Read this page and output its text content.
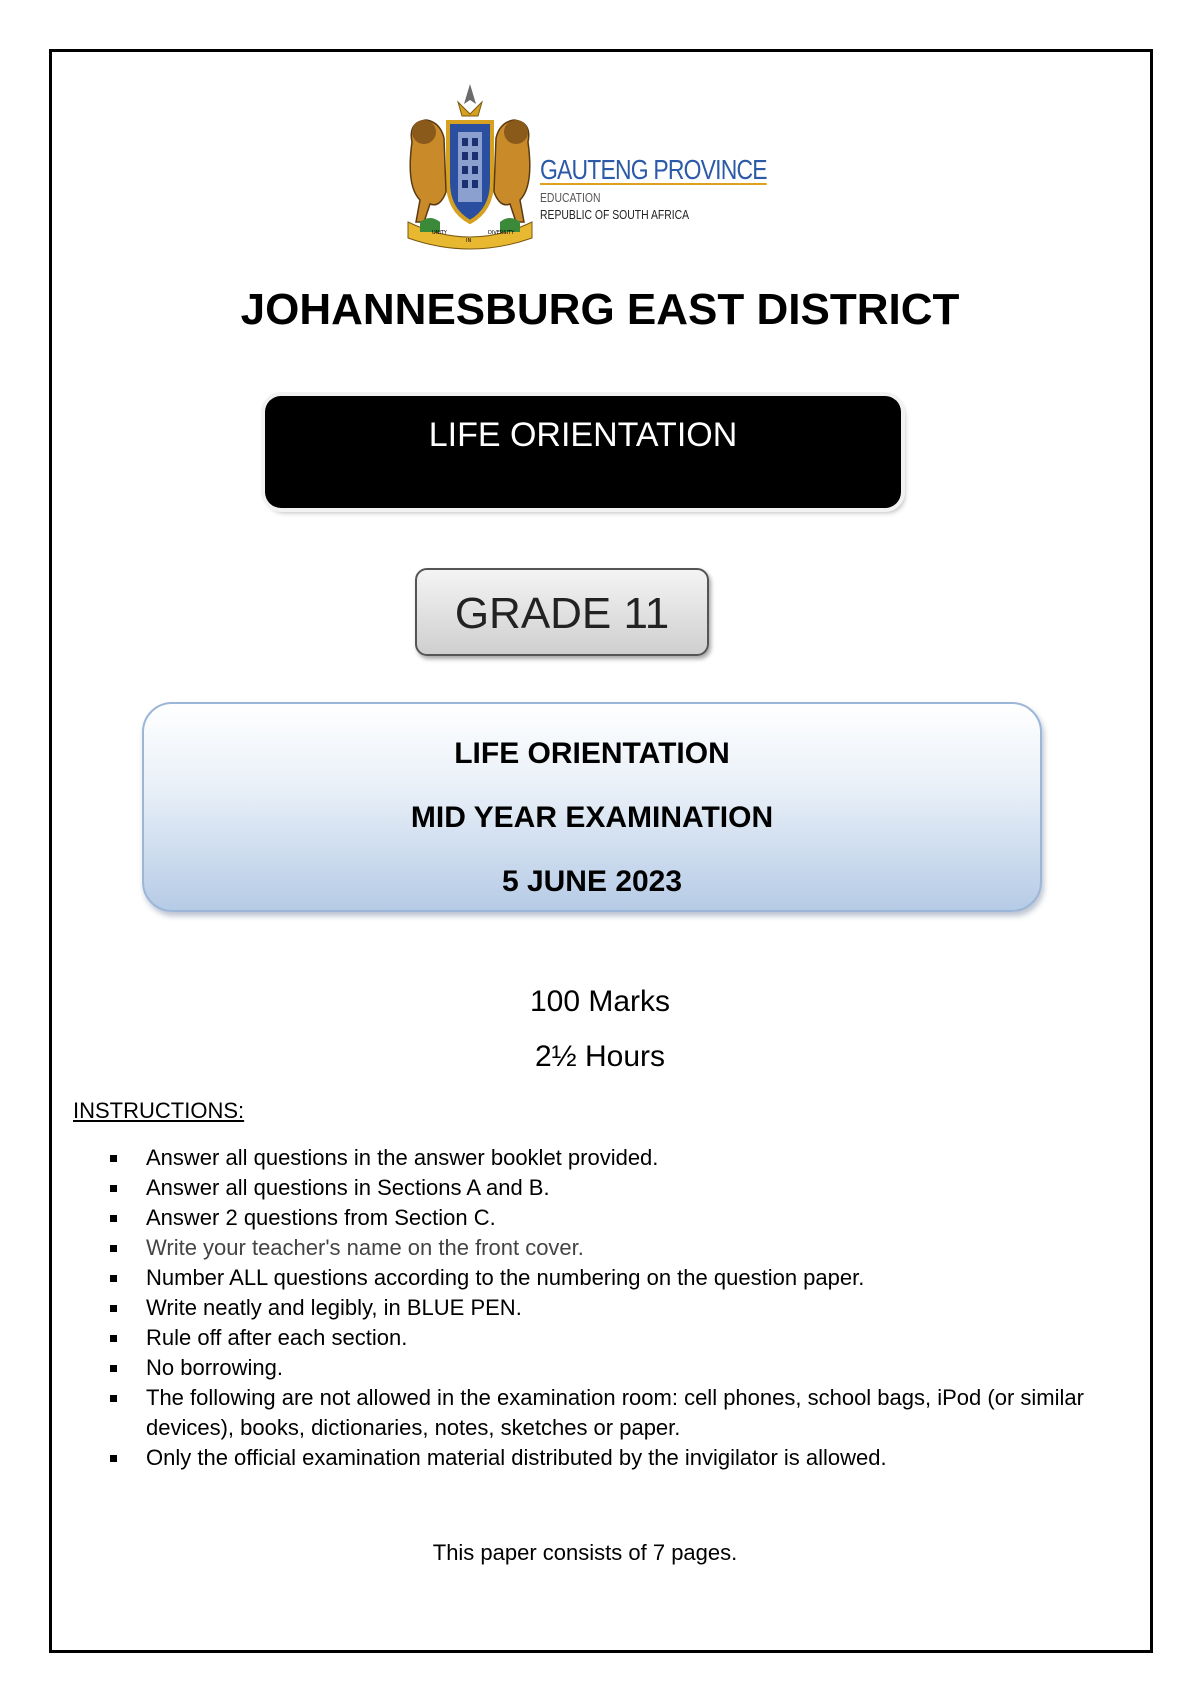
UNITY
IN
DIVERSITY
GAUTENG PROVINCE
EDUCATION
REPUBLIC OF SOUTH AFRICA
JOHANNESBURG EAST DISTRICT
LIFE ORIENTATION
GRADE 11
LIFE ORIENTATION
MID YEAR EXAMINATION
5 JUNE 2023
100 Marks
2½ Hours
INSTRUCTIONS:
Answer all questions in the answer booklet provided.
Answer all questions in Sections A and B.
Answer 2 questions from Section C.
Write your teacher's name on the front cover.
Number ALL questions according to the numbering on the question paper.
Write neatly and legibly, in BLUE PEN.
Rule off after each section.
No borrowing.
The following are not allowed in the examination room: cell phones, school bags, iPod (or similar devices), books, dictionaries, notes, sketches or paper.
Only the official examination material distributed by the invigilator is allowed.
This paper consists of 7 pages.
